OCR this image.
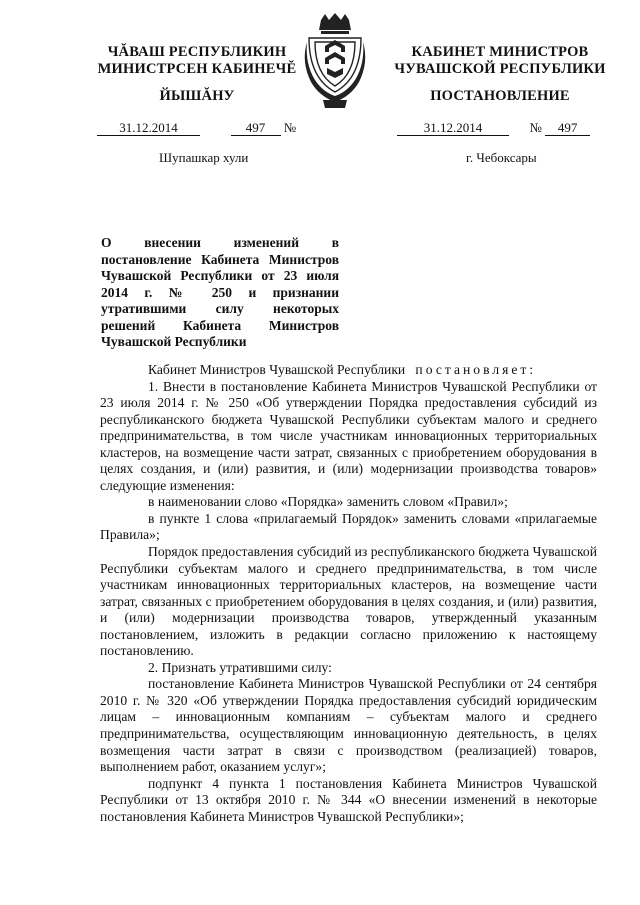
ЧĂВАШ РЕСПУБЛИКИН
МИНИСТРСЕН КАБИНЕЧĔ
ЙЫШĂНУ
КАБИНЕТ МИНИСТРОВ
ЧУВАШСКОЙ РЕСПУБЛИКИ
ПОСТАНОВЛЕНИЕ
31.12.2014	497 №	31.12.2014	№ 497
Шупашкар хули	г. Чебоксары
О внесении изменений в постановление Кабинета Министров Чувашской Республики от 23 июля 2014 г. № 250 и признании утратившими силу некоторых решений Кабинета Министров Чувашской Республики

Кабинет Министров Чувашской Республики постановляет:

1. Внести в постановление Кабинета Министров Чувашской Республики от 23 июля 2014 г. № 250 «Об утверждении Порядка предоставления субсидий из республиканского бюджета Чувашской Республики субъектам малого и среднего предпринимательства, в том числе участникам инновационных территориальных кластеров, на возмещение части затрат, связанных с приобретением оборудования в целях создания, и (или) развития, и (или) модернизации производства товаров» следующие изменения:

в наименовании слово «Порядка» заменить словом «Правил»;

в пункте 1 слова «прилагаемый Порядок» заменить словами «прилагаемые Правила»;

Порядок предоставления субсидий из республиканского бюджета Чувашской Республики субъектам малого и среднего предпринимательства, в том числе участникам инновационных территориальных кластеров, на возмещение части затрат, связанных с приобретением оборудования в целях создания, и (или) развития, и (или) модернизации производства товаров, утвержденный указанным постановлением, изложить в редакции согласно приложению к настоящему постановлению.

2. Признать утратившими силу:

постановление Кабинета Министров Чувашской Республики от 24 сентября 2010 г. № 320 «Об утверждении Порядка предоставления субсидий юридическим лицам – инновационным компаниям – субъектам малого и среднего предпринимательства, осуществляющим инновационную деятельность, в целях возмещения части затрат в связи с производством (реализацией) товаров, выполнением работ, оказанием услуг»;

подпункт 4 пункта 1 постановления Кабинета Министров Чувашской Республики от 13 октября 2010 г. № 344 «О внесении изменений в некоторые постановления Кабинета Министров Чувашской Республики»;
